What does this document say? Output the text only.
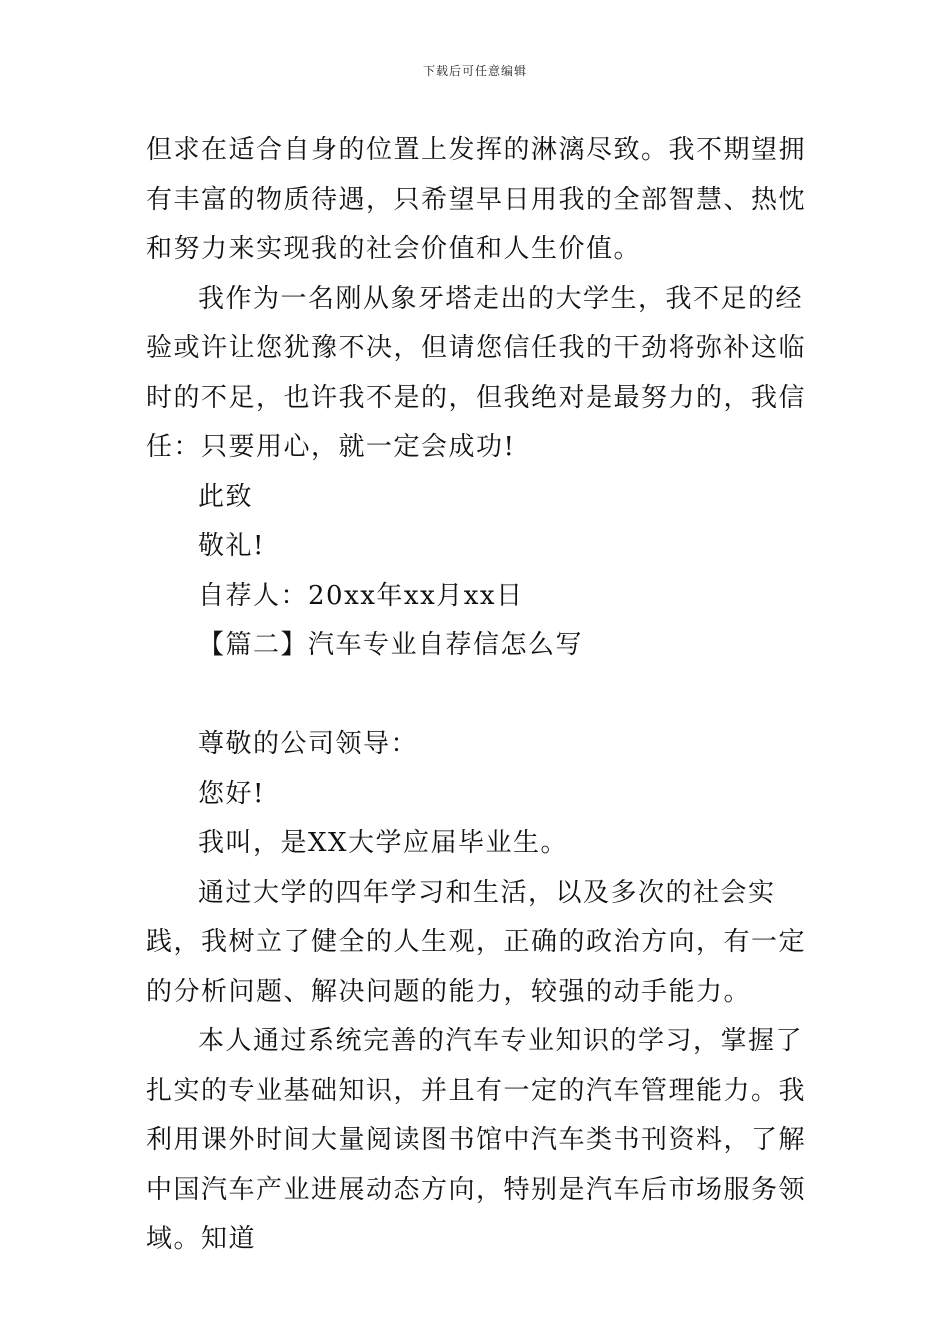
下载后可任意编辑

但求在适合自身的位置上发挥的淋漓尽致。我不期望拥有丰富的物质待遇，只希望早日用我的全部智慧、热忱和努力来实现我的社会价值和人生价值。

我作为一名刚从象牙塔走出的大学生，我不足的经验或许让您犹豫不决，但请您信任我的干劲将弥补这临时的不足，也许我不是的，但我绝对是最努力的，我信任：只要用心，就一定会成功!

此致

敬礼!

自荐人：20xx年xx月xx日

【篇二】汽车专业自荐信怎么写

尊敬的公司领导：

您好!

我叫，是XX大学应届毕业生。

通过大学的四年学习和生活，以及多次的社会实践，我树立了健全的人生观，正确的政治方向，有一定的分析问题、解决问题的能力，较强的动手能力。

本人通过系统完善的汽车专业知识的学习，掌握了扎实的专业基础知识，并且有一定的汽车管理能力。我利用课外时间大量阅读图书馆中汽车类书刊资料，了解中国汽车产业进展动态方向，特别是汽车后市场服务领域。知道
